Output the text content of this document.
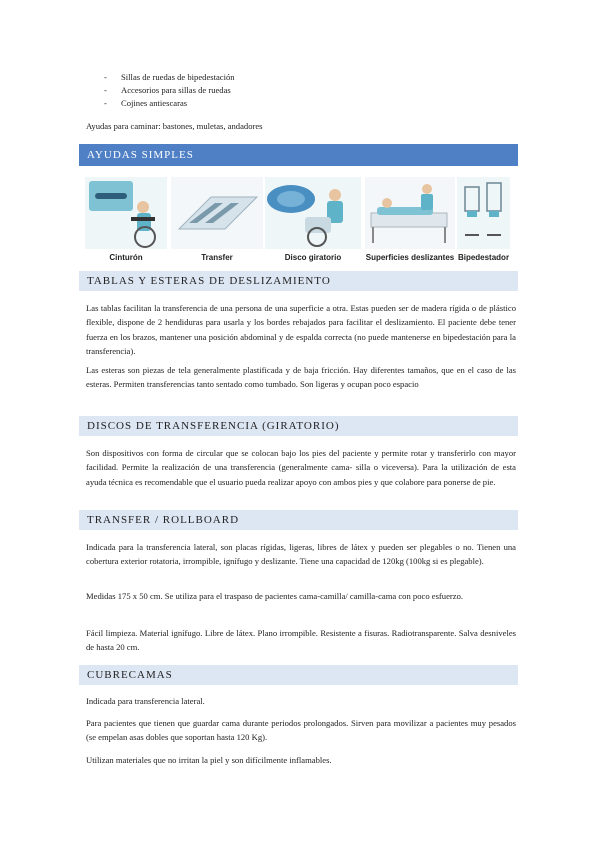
- Sillas de ruedas de bipedestación
- Accesorios para sillas de ruedas
- Cojines antiescaras

Ayudas para caminar: bastones, muletas, andadores

AYUDAS SIMPLES
Cinturón	Transfer	Disco giratorio	Superficies deslizantes Bipedestador
TABLAS Y ESTERAS DE DESLIZAMIENTO

Las tablas facilitan la transferencia de una persona de una superficie a otra. Estas pueden ser de madera rígida o de plástico flexible, dispone de 2 hendiduras para usarla y los bordes rebajados para facilitar el deslizamiento. El paciente debe tener fuerza en los brazos, mantener una posición abdominal y de espalda correcta (no puede mantenerse en bipedestación para la transferencia).

Las esteras son piezas de tela generalmente plastificada y de baja fricción. Hay diferentes tamaños, que en el caso de las esteras. Permiten transferencias tanto sentado como tumbado. Son ligeras y ocupan poco espacio

DISCOS DE TRANSFERENCIA (GIRATORIO)

Son dispositivos con forma de circular que se colocan bajo los pies del paciente y permite rotar y transferirlo con mayor facilidad. Permite la realización de una transferencia (generalmente cama- silla o viceversa). Para la utilización de esta ayuda técnica es recomendable que el usuario pueda realizar apoyo con ambos pies y que colabore para ponerse de pie.

TRANSFER / ROLLBOARD

Indicada para la transferencia lateral, son placas rígidas, ligeras, libres de látex y pueden ser plegables o no. Tienen una cobertura exterior rotatoria, irrompible, ignífugo y deslizante. Tiene una capacidad de 120kg (100kg si es plegable).

Medidas 175 x 50 cm. Se utiliza para el traspaso de pacientes cama-camilla/ camilla-cama con poco esfuerzo.

Fácil limpieza. Material ignífugo. Libre de látex. Plano irrompible. Resistente a fisuras. Radiotransparente. Salva desniveles de hasta 20 cm.

CUBRECAMAS

Indicada para transferencia lateral.

Para pacientes que tienen que guardar cama durante periodos prolongados. Sirven para movilizar a pacientes muy pesados (se empelan asas dobles que soportan hasta 120 Kg).

Utilizan materiales que no irritan la piel y son difícilmente inflamables.
